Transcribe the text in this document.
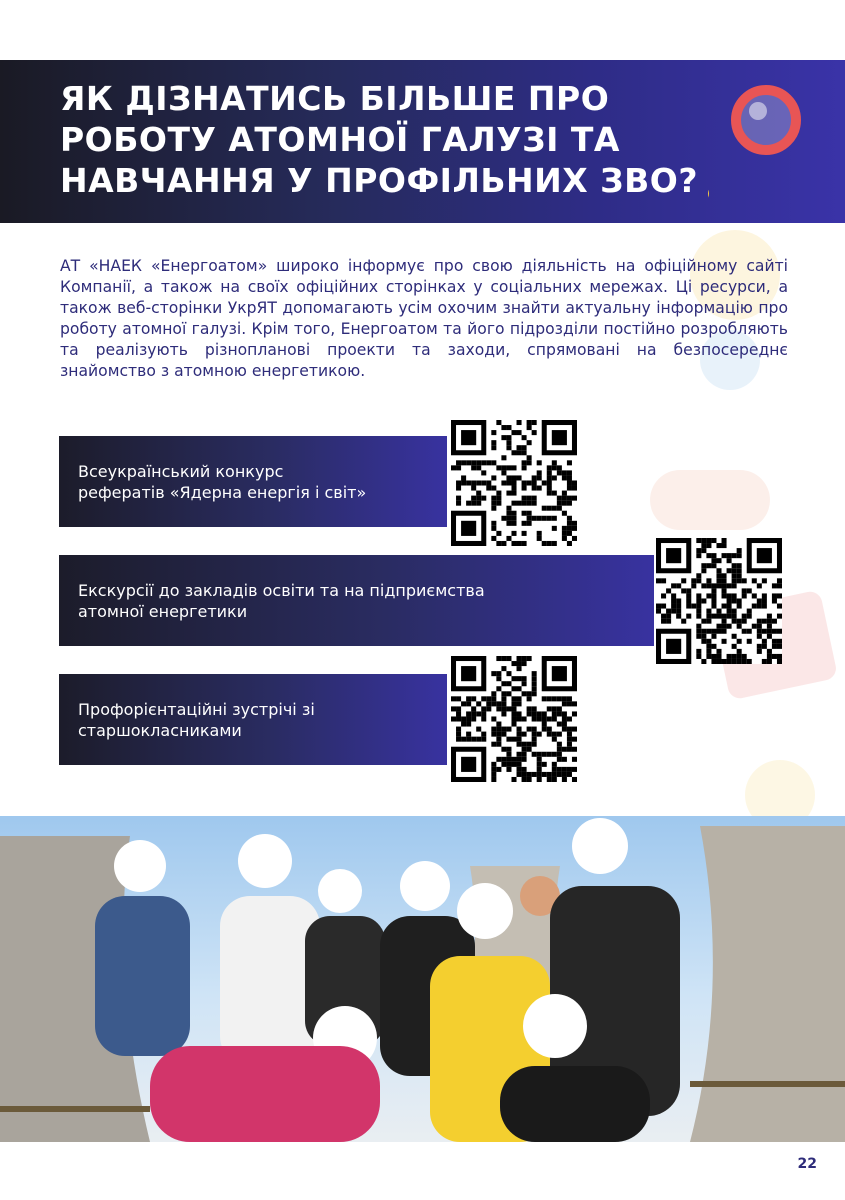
ЯК ДІЗНАТИСЬ БІЛЬШЕ ПРО РОБОТУ АТОМНОЇ ГАЛУЗІ ТА НАВЧАННЯ У ПРОФІЛЬНИХ ЗВО?

АТ «НАЕК «Енергоатом» широко інформує про свою діяльність на офіційному сайті Компанії, а також на своїх офіційних сторінках у соціальних мережах. Ці ресурси, а також веб-сторінки УкрЯТ допомагають усім охочим знайти актуальну інформацію про роботу атомної галузі. Крім того, Енергоатом та його підрозділи постійно розробляють та реалізують різнопланові проекти та заходи, спрямовані на безпосереднє знайомство з атомною енергетикою.

Всеукраїнський конкурс
рефератів «Ядерна енергія і світ»
Екскурсії до закладів освіти та на підприємства
атомної енергетики
Профорієнтаційні зустрічі зі
старшокласниками
22
